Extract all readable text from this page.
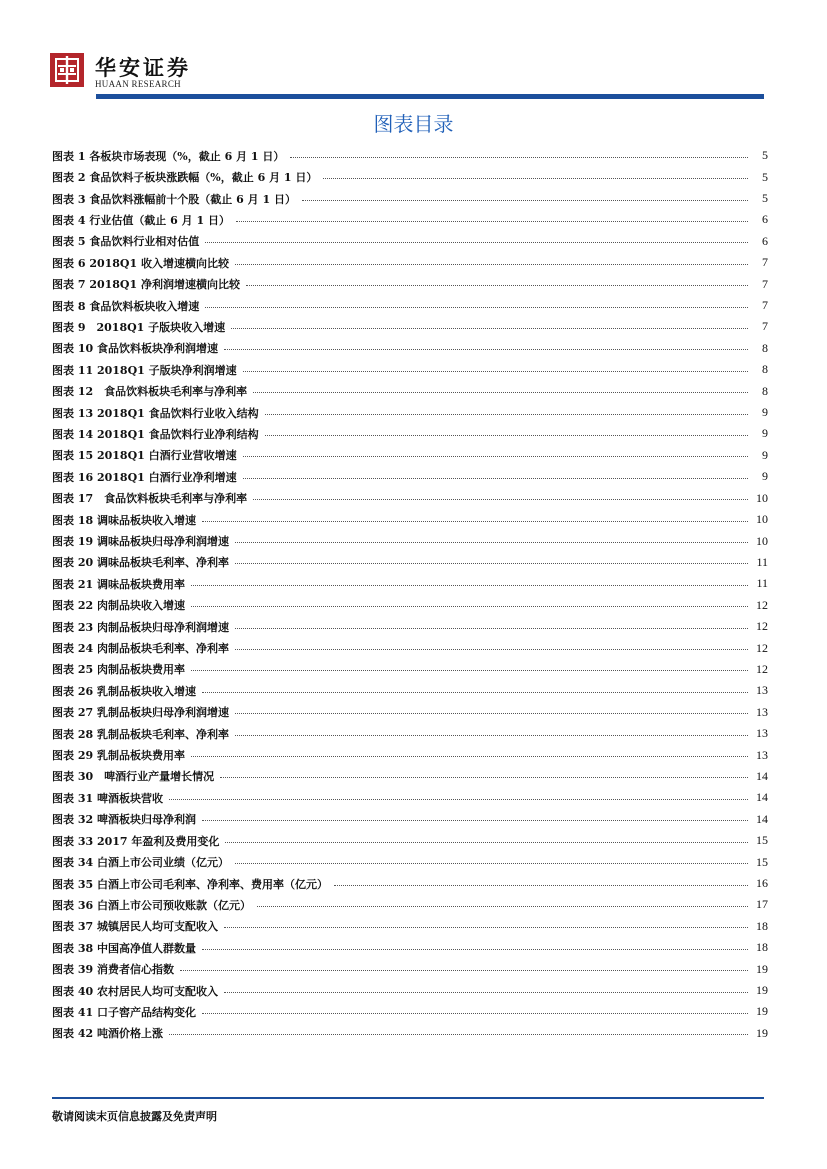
华安证券
HUAAN RESEARCH
图表目录
图表 1 各板块市场表现（%，截止 6 月 1 日）	5
图表 2 食品饮料子板块涨跌幅（%，截止 6 月 1 日）	5
图表 3 食品饮料涨幅前十个股（截止 6 月 1 日）	5
图表 4 行业估值（截止 6 月 1 日）	6
图表 5 食品饮料行业相对估值	6
图表 6 2018Q1 收入增速横向比较	7
图表 7 2018Q1 净利润增速横向比较	7
图表 8 食品饮料板块收入增速	7
图表 9　2018Q1 子版块收入增速	7
图表 10 食品饮料板块净利润增速	8
图表 11 2018Q1 子版块净利润增速	8
图表 12　食品饮料板块毛利率与净利率	8
图表 13 2018Q1 食品饮料行业收入结构	9
图表 14 2018Q1 食品饮料行业净利结构	9
图表 15 2018Q1 白酒行业营收增速	9
图表 16 2018Q1 白酒行业净利增速	9
图表 17　食品饮料板块毛利率与净利率	10
图表 18 调味品板块收入增速	10
图表 19 调味品板块归母净利润增速	10
图表 20 调味品板块毛利率、净利率	11
图表 21 调味品板块费用率	11
图表 22 肉制品块收入增速	12
图表 23 肉制品板块归母净利润增速	12
图表 24 肉制品板块毛利率、净利率	12
图表 25 肉制品板块费用率	12
图表 26 乳制品板块收入增速	13
图表 27 乳制品板块归母净利润增速	13
图表 28 乳制品板块毛利率、净利率	13
图表 29 乳制品板块费用率	13
图表 30　啤酒行业产量增长情况	14
图表 31 啤酒板块营收	14
图表 32 啤酒板块归母净利润	14
图表 33 2017 年盈利及费用变化	15
图表 34 白酒上市公司业绩（亿元）	15
图表 35 白酒上市公司毛利率、净利率、费用率（亿元）	16
图表 36 白酒上市公司预收账款（亿元）	17
图表 37 城镇居民人均可支配收入	18
图表 38 中国高净值人群数量	18
图表 39 消费者信心指数	19
图表 40 农村居民人均可支配收入	19
图表 41 口子窖产品结构变化	19
图表 42 吨酒价格上涨	19
敬请阅读末页信息披露及免责声明
